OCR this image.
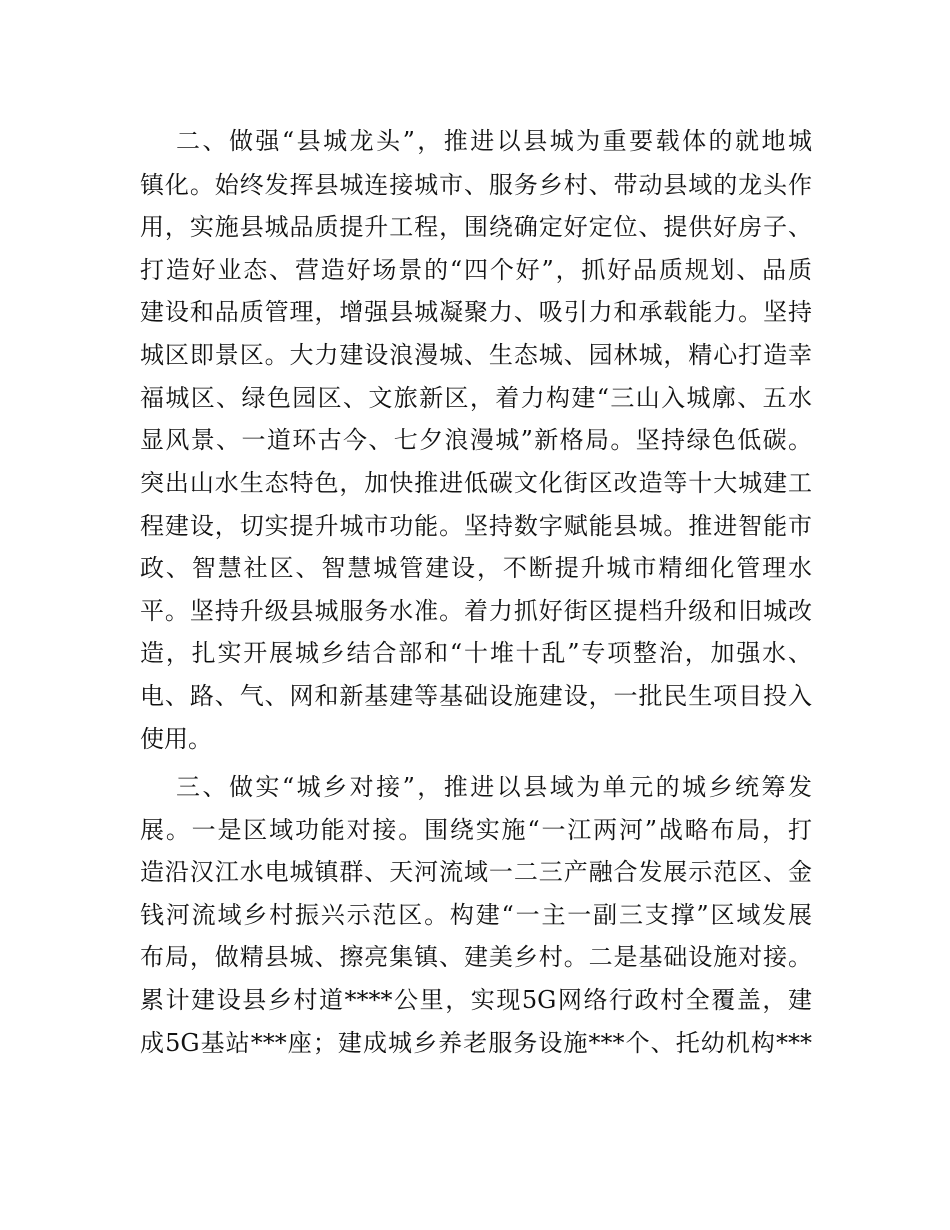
二、做强“县城龙头”，推进以县城为重要载体的就地城
镇化。始终发挥县城连接城市、服务乡村、带动县域的龙头作
用，实施县城品质提升工程，围绕确定好定位、提供好房子、
打造好业态、营造好场景的“四个好”，抓好品质规划、品质
建设和品质管理，增强县城凝聚力、吸引力和承载能力。坚持
城区即景区。大力建设浪漫城、生态城、园林城，精心打造幸
福城区、绿色园区、文旅新区，着力构建“三山入城廓、五水
显风景、一道环古今、七夕浪漫城”新格局。坚持绿色低碳。
突出山水生态特色，加快推进低碳文化街区改造等十大城建工
程建设，切实提升城市功能。坚持数字赋能县城。推进智能市
政、智慧社区、智慧城管建设，不断提升城市精细化管理水
平。坚持升级县城服务水准。着力抓好街区提档升级和旧城改
造，扎实开展城乡结合部和“十堆十乱”专项整治，加强水、
电、路、气、网和新基建等基础设施建设，一批民生项目投入
使用。
三、做实“城乡对接”，推进以县域为单元的城乡统筹发
展。一是区域功能对接。围绕实施“一江两河”战略布局，打
造沿汉江水电城镇群、天河流域一二三产融合发展示范区、金
钱河流域乡村振兴示范区。构建“一主一副三支撑”区域发展
布局，做精县城、擦亮集镇、建美乡村。二是基础设施对接。
累计建设县乡村道****公里，实现5G网络行政村全覆盖，建
成5G基站***座；建成城乡养老服务设施***个、托幼机构***
